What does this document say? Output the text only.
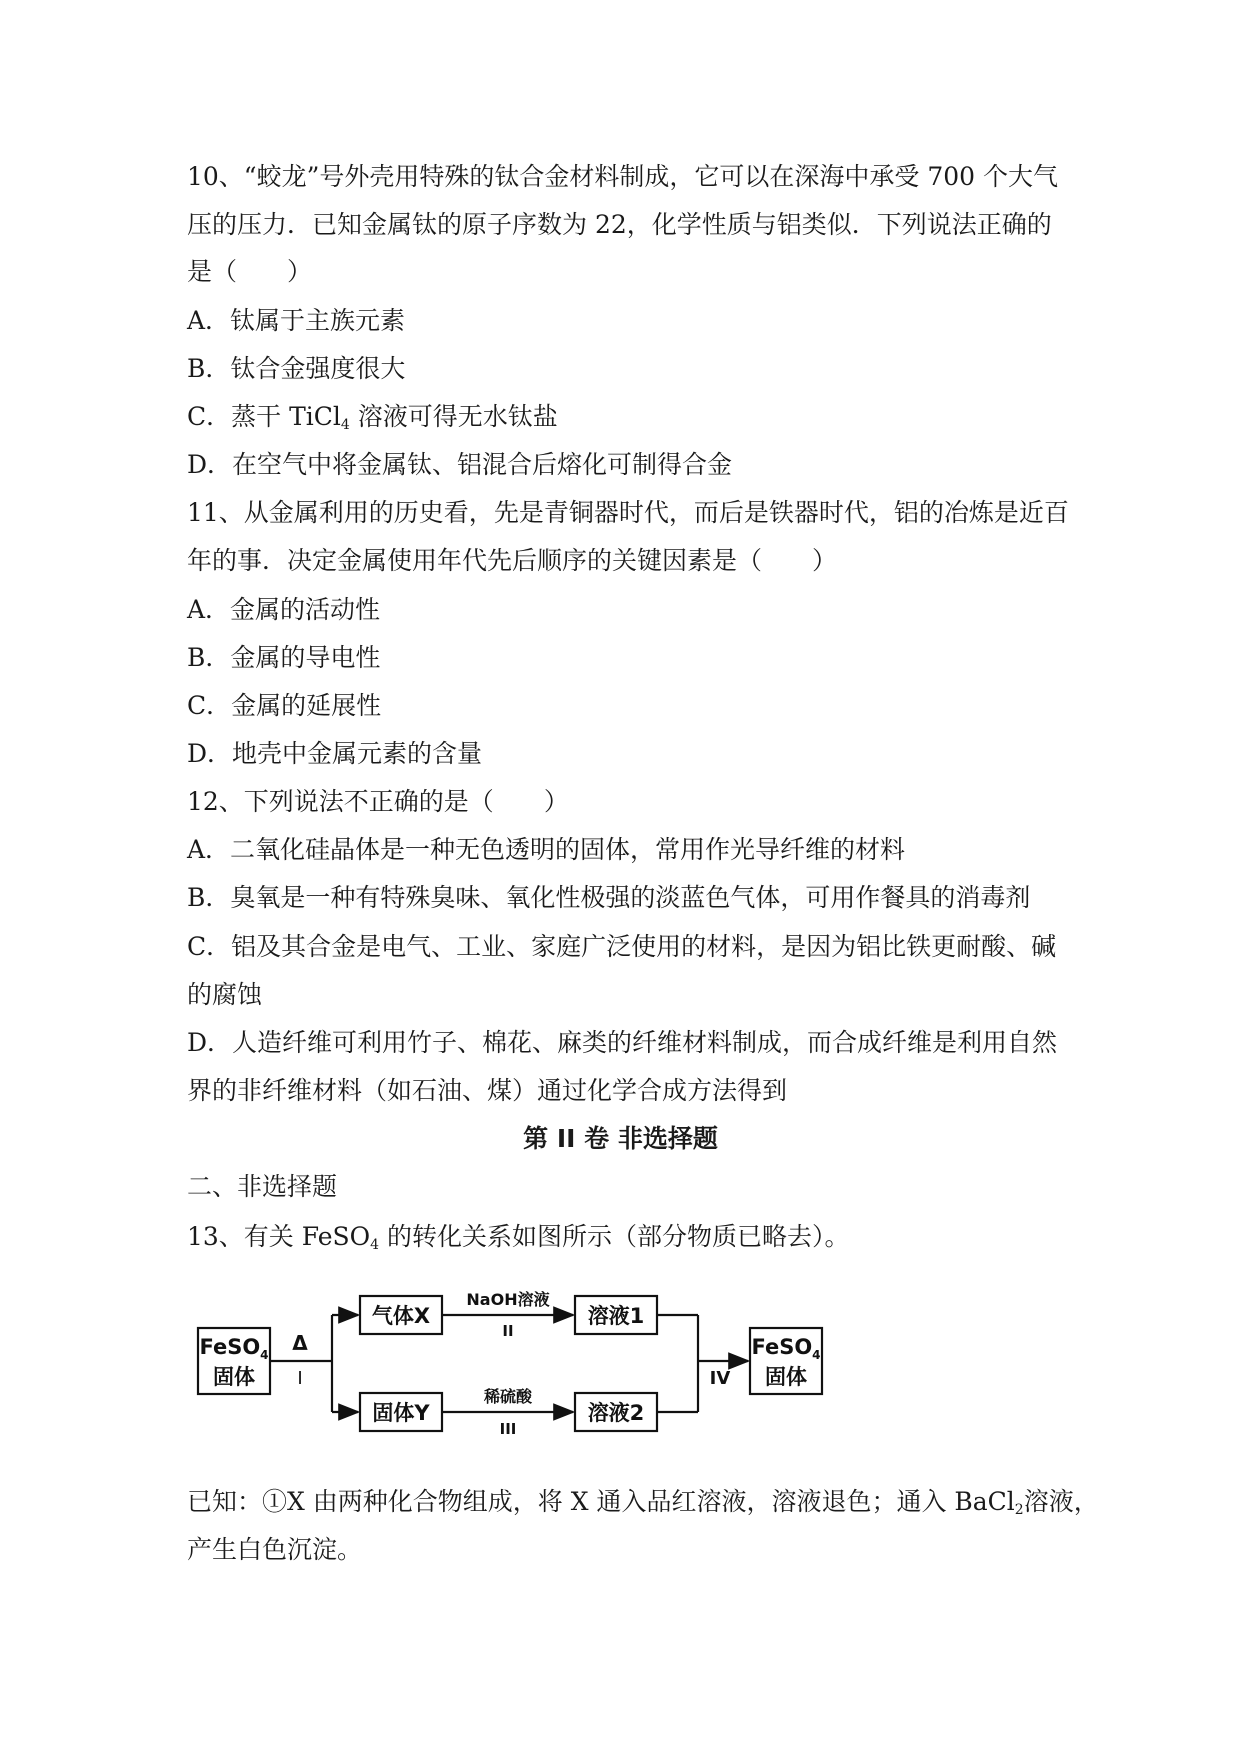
10、“蛟龙”号外壳用特殊的钛合金材料制成，它可以在深海中承受 700 个大气
压的压力．已知金属钛的原子序数为 22，化学性质与铝类似．下列说法正确的
是（　　）
A．钛属于主族元素
B．钛合金强度很大
C．蒸干 TiCl$_4$ 溶液可得无水钛盐
D．在空气中将金属钛、铝混合后熔化可制得合金
11、从金属利用的历史看，先是青铜器时代，而后是铁器时代，铝的冶炼是近百
年的事．决定金属使用年代先后顺序的关键因素是（　　）
A．金属的活动性
B．金属的导电性
C．金属的延展性
D．地壳中金属元素的含量
12、下列说法不正确的是（　　）
A．二氧化硅晶体是一种无色透明的固体，常用作光导纤维的材料
B．臭氧是一种有特殊臭味、氧化性极强的淡蓝色气体，可用作餐具的消毒剂
C．铝及其合金是电气、工业、家庭广泛使用的材料，是因为铝比铁更耐酸、碱
的腐蚀
D．人造纤维可利用竹子、棉花、麻类的纤维材料制成，而合成纤维是利用自然
界的非纤维材料（如石油、煤）通过化学合成方法得到
第 II 卷 非选择题
二、非选择题
13、有关 FeSO$_4$ 的转化关系如图所示（部分物质已略去）。
FeSO$_4$
固体
Δ
I
气体X
NaOH溶液
II
溶液1
固体Y
稀硫酸
III
溶液2
IV
FeSO$_4$
固体
已知：①X 由两种化合物组成，将 X 通入品红溶液，溶液退色；通入 BaCl$_2$溶液，
产生白色沉淀。
